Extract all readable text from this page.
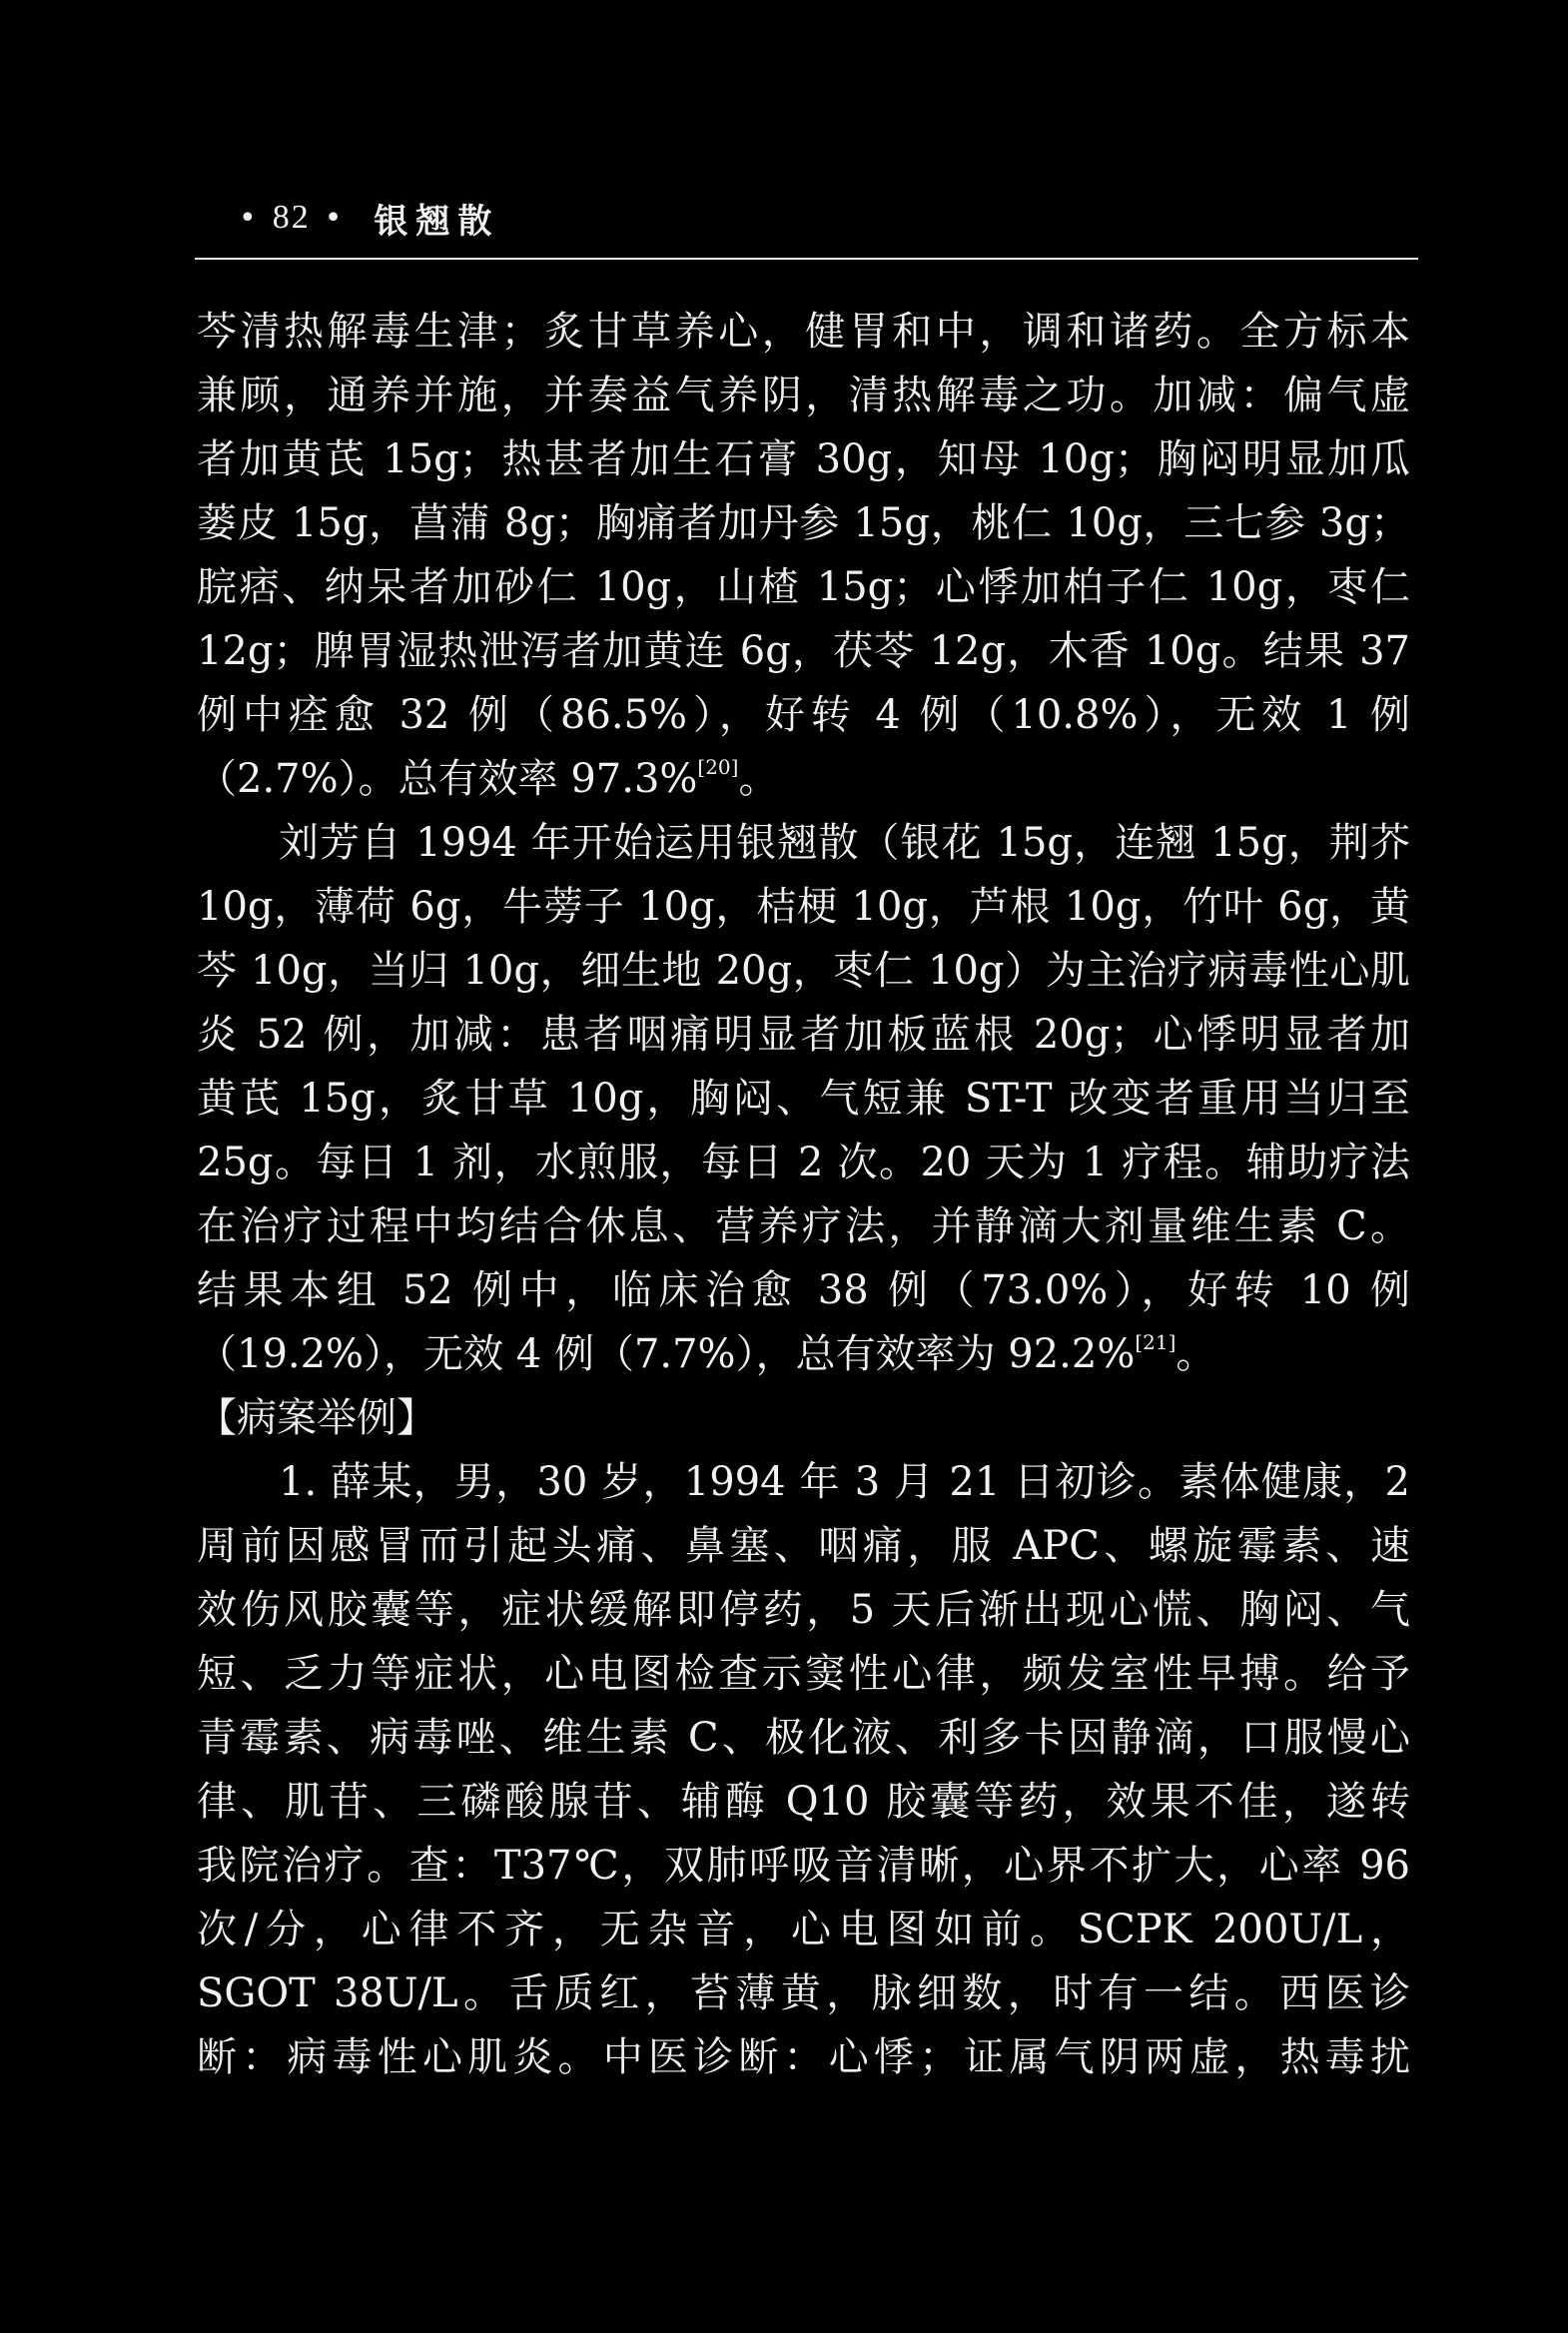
• 82 • 银翘散
芩清热解毒生津；炙甘草养心，健胃和中，调和诸药。全方标本
兼顾，通养并施，并奏益气养阴，清热解毒之功。加减：偏气虚
者加黄芪 15g；热甚者加生石膏 30g，知母 10g；胸闷明显加瓜
蒌皮 15g，菖蒲 8g；胸痛者加丹参 15g，桃仁 10g，三七参 3g；
脘痞、纳呆者加砂仁 10g，山楂 15g；心悸加柏子仁 10g，枣仁
12g；脾胃湿热泄泻者加黄连 6g，茯苓 12g，木香 10g。结果 37
例中痊愈 32 例（86.5%），好转 4 例（10.8%），无效 1 例
（2.7%）。总有效率 97.3%[20]。
刘芳自 1994 年开始运用银翘散（银花 15g，连翘 15g，荆芥
10g，薄荷 6g，牛蒡子 10g，桔梗 10g，芦根 10g，竹叶 6g，黄
芩 10g，当归 10g，细生地 20g，枣仁 10g）为主治疗病毒性心肌
炎 52 例，加减：患者咽痛明显者加板蓝根 20g；心悸明显者加
黄芪 15g，炙甘草 10g，胸闷、气短兼 ST-T 改变者重用当归至
25g。每日 1 剂，水煎服，每日 2 次。20 天为 1 疗程。辅助疗法
在治疗过程中均结合休息、营养疗法，并静滴大剂量维生素 C。
结果本组 52 例中，临床治愈 38 例（73.0%），好转 10 例
（19.2%），无效 4 例（7.7%），总有效率为 92.2%[21]。
【病案举例】
1. 薛某，男，30 岁，1994 年 3 月 21 日初诊。素体健康，2
周前因感冒而引起头痛、鼻塞、咽痛，服 APC、螺旋霉素、速
效伤风胶囊等，症状缓解即停药，5 天后渐出现心慌、胸闷、气
短、乏力等症状，心电图检查示窦性心律，频发室性早搏。给予
青霉素、病毒唑、维生素 C、极化液、利多卡因静滴，口服慢心
律、肌苷、三磷酸腺苷、辅酶 Q10 胶囊等药，效果不佳，遂转
我院治疗。查：T37℃，双肺呼吸音清晰，心界不扩大，心率 96
次/分，心律不齐，无杂音，心电图如前。SCPK 200U/L，
SGOT 38U/L。舌质红，苔薄黄，脉细数，时有一结。西医诊
断：病毒性心肌炎。中医诊断：心悸；证属气阴两虚，热毒扰
